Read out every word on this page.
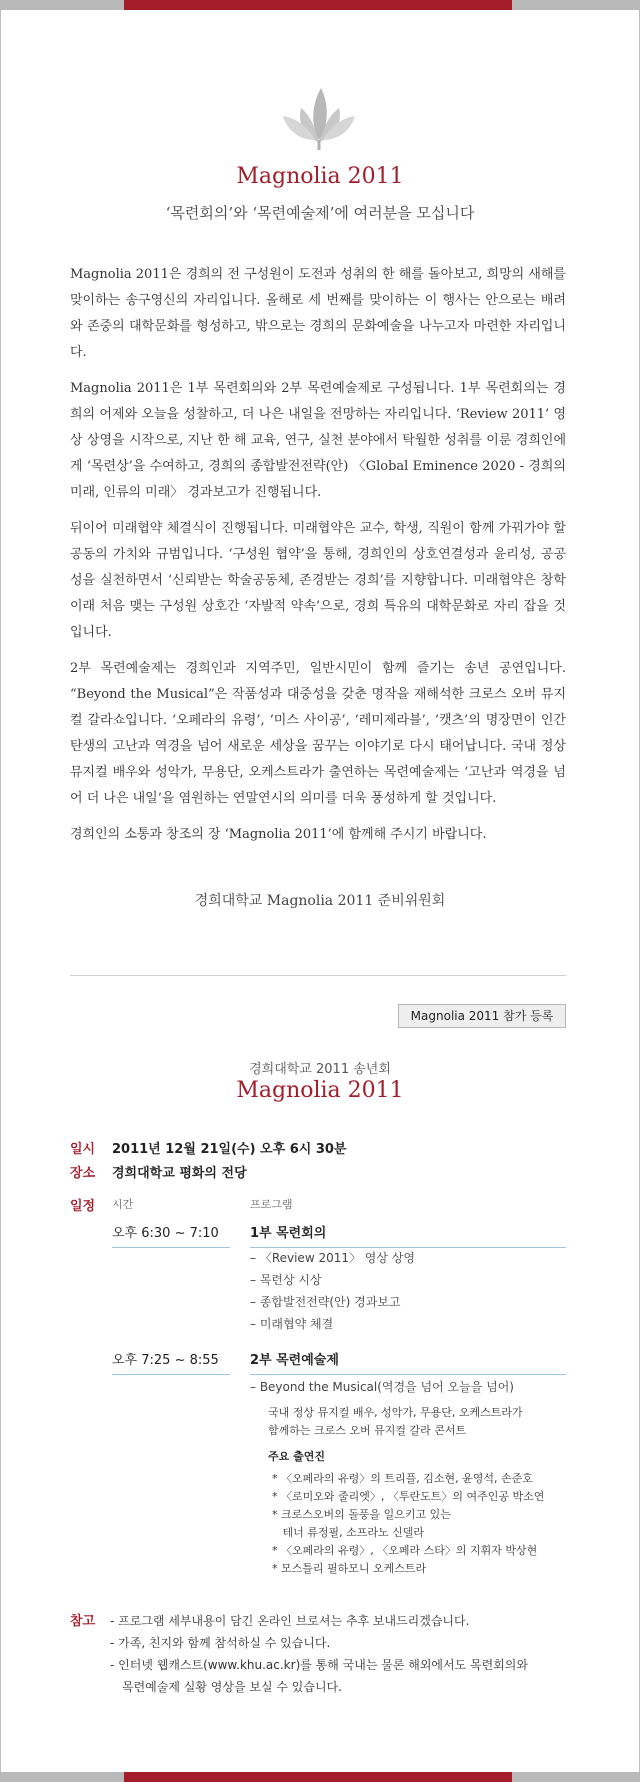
Magnolia 2011
‘목련회의’와 ‘목련예술제’에 여러분을 모십니다

Magnolia 2011은 경희의 전 구성원이 도전과 성취의 한 해를 돌아보고, 희망의 새해를 맞이하는 송구영신의 자리입니다. 올해로 세 번째를 맞이하는 이 행사는 안으로는 배려와 존중의 대학문화를 형성하고, 밖으로는 경희의 문화예술을 나누고자 마련한 자리입니다.

Magnolia 2011은 1부 목련회의와 2부 목련예술제로 구성됩니다. 1부 목련회의는 경희의 어제와 오늘을 성찰하고, 더 나은 내일을 전망하는 자리입니다. ‘Review 2011’ 영상 상영을 시작으로, 지난 한 해 교육, 연구, 실천 분야에서 탁월한 성취를 이룬 경희인에게 ‘목련상’을 수여하고, 경희의 종합발전전략(안) 〈Global Eminence 2020 - 경희의 미래, 인류의 미래〉 경과보고가 진행됩니다.

뒤이어 미래협약 체결식이 진행됩니다. 미래협약은 교수, 학생, 직원이 함께 가꿔가야 할 공동의 가치와 규범입니다. ‘구성원 협약’을 통해, 경희인의 상호연결성과 윤리성, 공공성을 실천하면서 ‘신뢰받는 학술공동체, 존경받는 경희’를 지향합니다. 미래협약은 창학 이래 처음 맺는 구성원 상호간 ‘자발적 약속’으로, 경희 특유의 대학문화로 자리 잡을 것입니다.

2부 목련예술제는 경희인과 지역주민, 일반시민이 함께 즐기는 송년 공연입니다. “Beyond the Musical”은 작품성과 대중성을 갖춘 명작을 재해석한 크로스 오버 뮤지컬 갈라쇼입니다. ‘오페라의 유령’, ‘미스 사이공’, ‘레미제라블’, ‘캣츠’의 명장면이 인간 탄생의 고난과 역경을 넘어 새로운 세상을 꿈꾸는 이야기로 다시 태어납니다. 국내 정상 뮤지컬 배우와 성악가, 무용단, 오케스트라가 출연하는 목련예술제는 ‘고난과 역경을 넘어 더 나은 내일’을 염원하는 연말연시의 의미를 더욱 풍성하게 할 것입니다.

경희인의 소통과 창조의 장 ‘Magnolia 2011’에 함께해 주시기 바랍니다.

경희대학교 Magnolia 2011 준비위원회
Magnolia 2011 참가 등록
경희대학교 2011 송년회
Magnolia 2011
일시 2011년 12월 21일(수) 오후 6시 30분
장소 경희대학교 평화의 전당
일정 시간	프로그램
오후 6:30 ~ 7:10	1부 목련회의
– 〈Review 2011〉 영상 상영
– 목련상 시상
– 종합발전전략(안) 경과보고
– 미래협약 체결
오후 7:25 ~ 8:55	2부 목련예술제
– Beyond the Musical(역경을 넘어 오늘을 넘어)
국내 정상 뮤지컬 배우, 성악가, 무용단, 오케스트라가
함께하는 크로스 오버 뮤지컬 갈라 콘서트
주요 출연진
* 〈오페라의 유령〉의 트리플, 김소현, 윤영석, 손준호
* 〈로미오와 줄리엣〉, 〈투란도트〉의 여주인공 박소연
* 크로스오버의 돌풍을 일으키고 있는
테너 류정필, 소프라노 신델라
* 〈오페라의 유령〉, 〈오페라 스타〉의 지휘자 박상현
* 모스틀리 필하모니 오케스트라
참고 - 프로그램 세부내용이 담긴 온라인 브로셔는 추후 보내드리겠습니다.
- 가족, 친지와 함께 참석하실 수 있습니다.
- 인터넷 웹캐스트(www.khu.ac.kr)를 통해 국내는 물론 해외에서도 목련회의와
목련예술제 실황 영상을 보실 수 있습니다.
